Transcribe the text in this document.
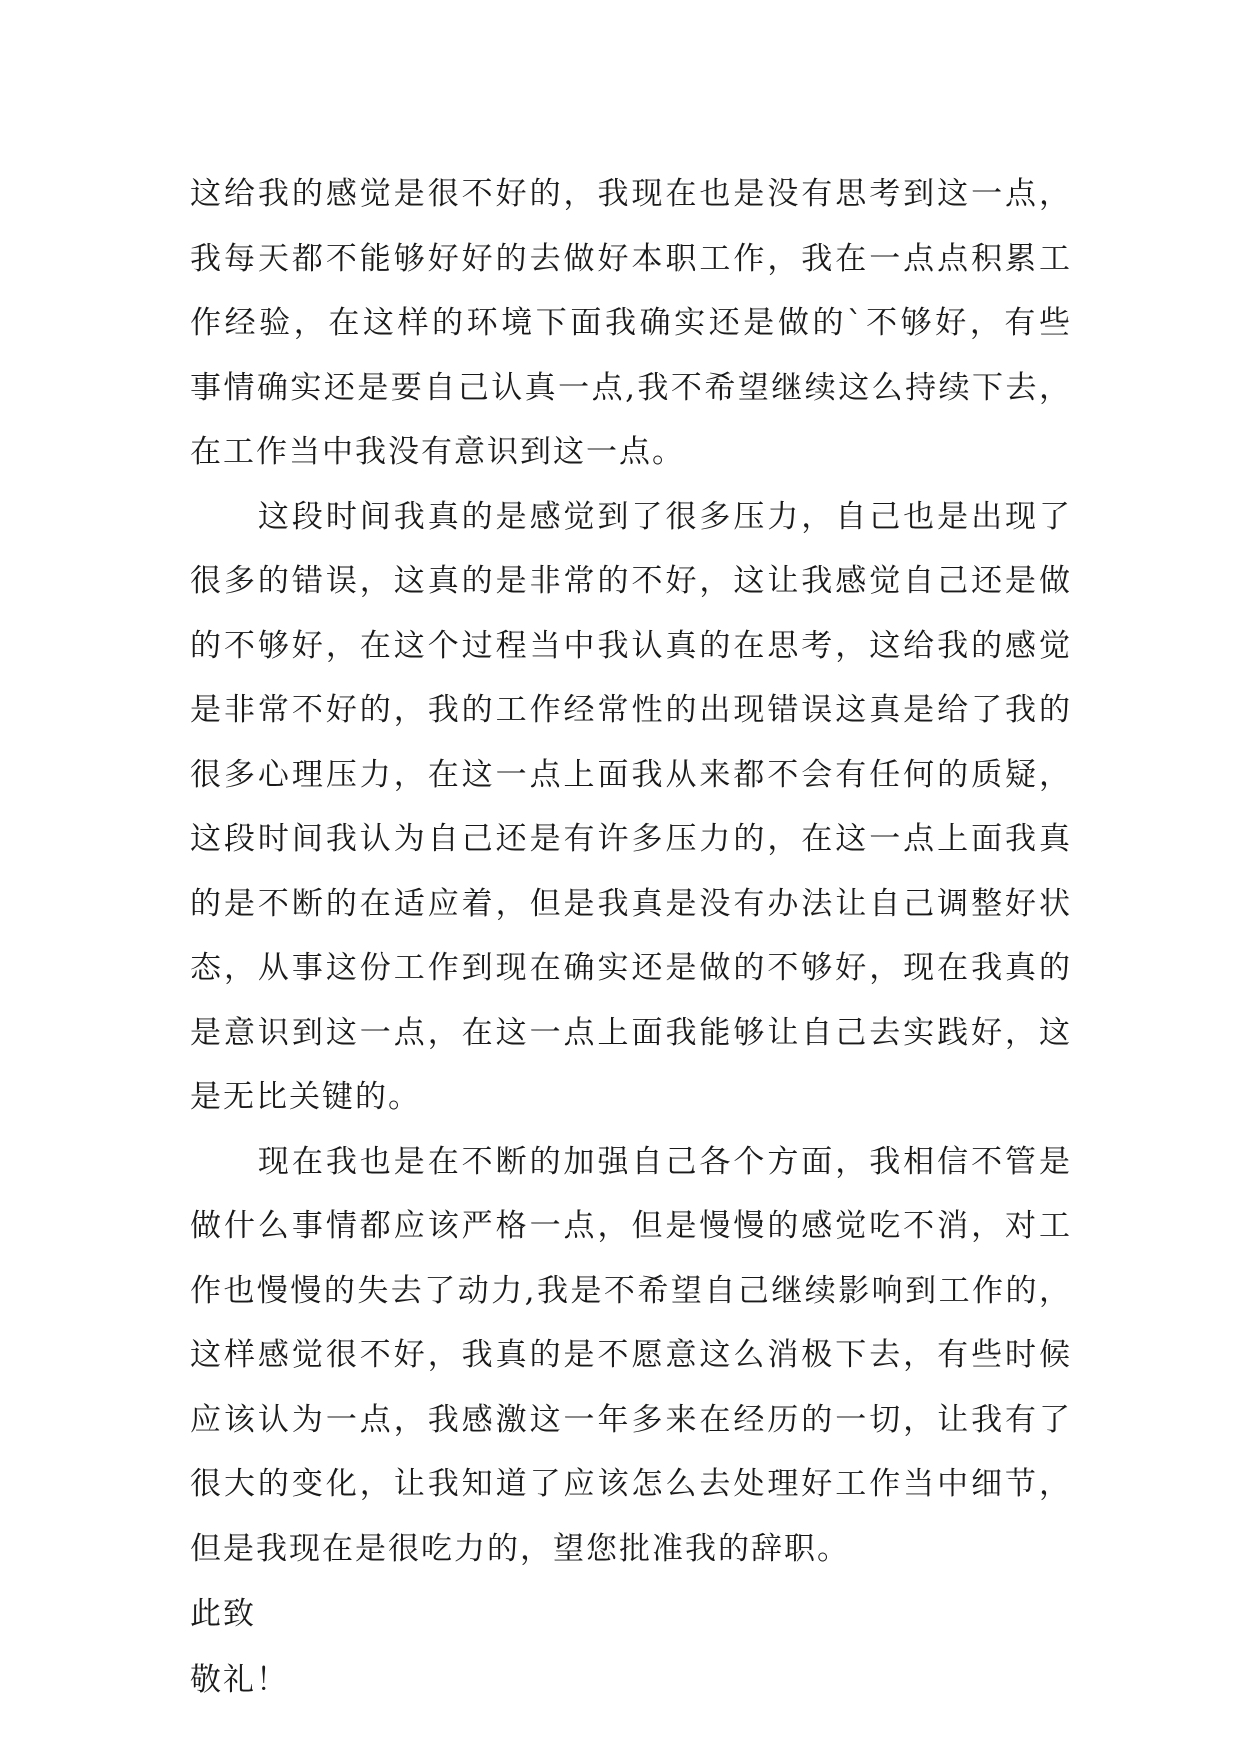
这给我的感觉是很不好的，我现在也是没有思考到这一点，
我每天都不能够好好的去做好本职工作，我在一点点积累工
作经验，在这样的环境下面我确实还是做的`不够好，有些
事情确实还是要自己认真一点,我不希望继续这么持续下去，
在工作当中我没有意识到这一点。
　　这段时间我真的是感觉到了很多压力，自己也是出现了
很多的错误，这真的是非常的不好，这让我感觉自己还是做
的不够好，在这个过程当中我认真的在思考，这给我的感觉
是非常不好的，我的工作经常性的出现错误这真是给了我的
很多心理压力，在这一点上面我从来都不会有任何的质疑，
这段时间我认为自己还是有许多压力的，在这一点上面我真
的是不断的在适应着，但是我真是没有办法让自己调整好状
态，从事这份工作到现在确实还是做的不够好，现在我真的
是意识到这一点，在这一点上面我能够让自己去实践好，这
是无比关键的。
　　现在我也是在不断的加强自己各个方面，我相信不管是
做什么事情都应该严格一点，但是慢慢的感觉吃不消，对工
作也慢慢的失去了动力,我是不希望自己继续影响到工作的，
这样感觉很不好，我真的是不愿意这么消极下去，有些时候
应该认为一点，我感激这一年多来在经历的一切，让我有了
很大的变化，让我知道了应该怎么去处理好工作当中细节，
但是我现在是很吃力的，望您批准我的辞职。
此致
敬礼！
